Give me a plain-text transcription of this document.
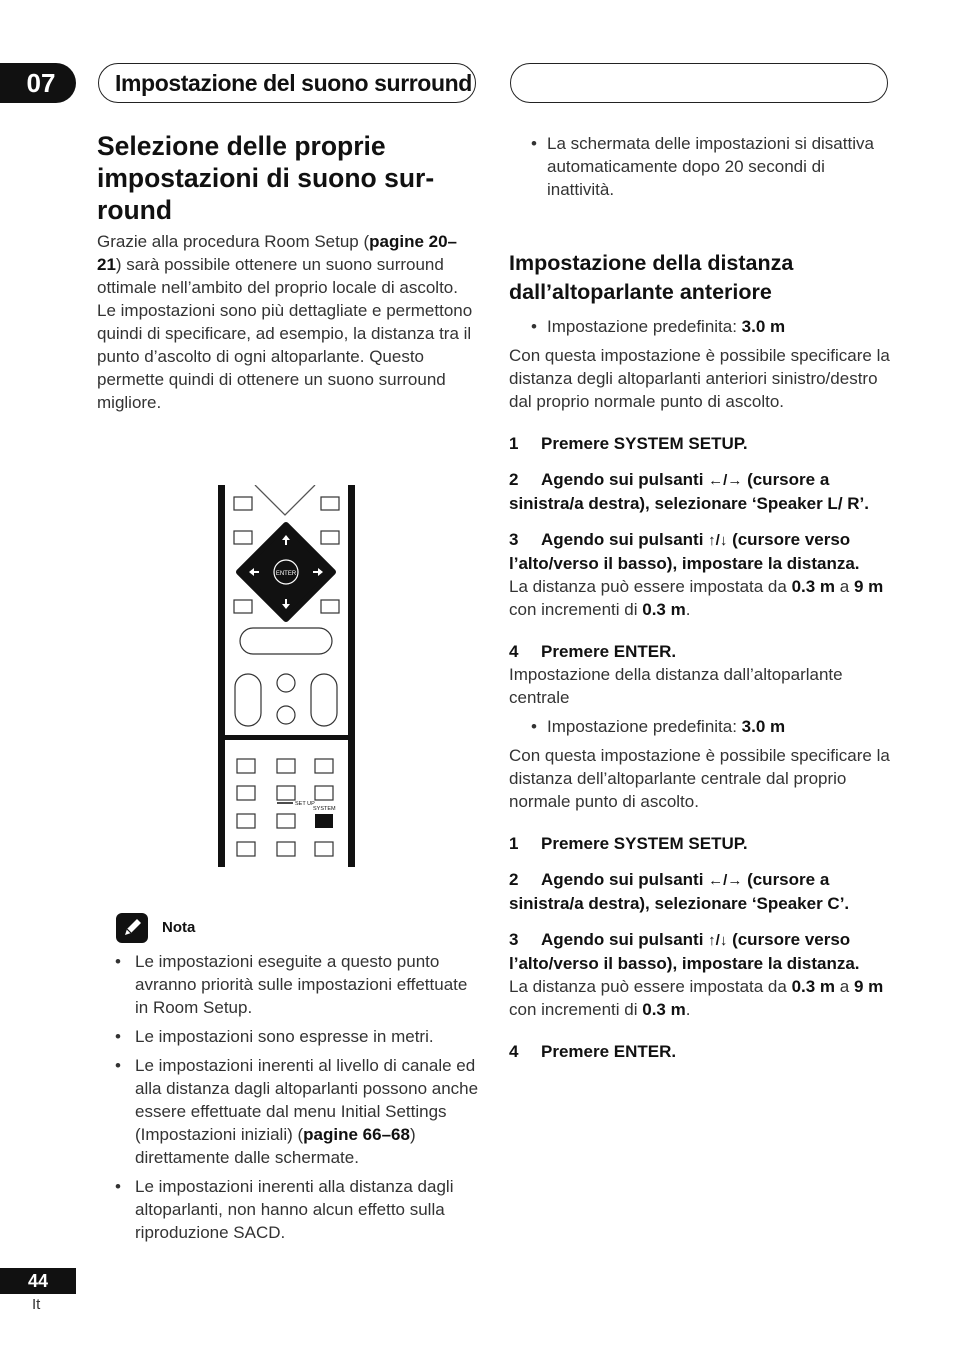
07	Impostazione del suono surround
Selezione delle proprie impostazioni di suono sur-round

Grazie alla procedura Room Setup (pagine 20–21) sarà possibile ottenere un suono surround ottimale nell’ambito del proprio locale di ascolto. Le impostazioni sono più dettagliate e permettono quindi di specificare, ad esempio, la distanza tra il punto d’ascolto di ogni altoparlante. Questo permette quindi di ottenere un suono surround migliore.

ENTER
SET UP
SYSTEM
Nota
• Le impostazioni eseguite a questo punto avranno priorità sulle impostazioni effettuate in Room Setup.
• Le impostazioni sono espresse in metri.
• Le impostazioni inerenti al livello di canale ed alla distanza dagli altoparlanti possono anche essere effettuate dal menu Initial Settings (Impostazioni iniziali) (pagine 66–68) direttamente dalle schermate.
• Le impostazioni inerenti alla distanza dagli altoparlanti, non hanno alcun effetto sulla riproduzione SACD.
• La schermata delle impostazioni si disattiva automaticamente dopo 20 secondi di inattività.
Impostazione della distanza dall’altoparlante anteriore
• Impostazione predefinita: 3.0 m

Con questa impostazione è possibile specificare la distanza degli altoparlanti anteriori sinistro/destro dal proprio normale punto di ascolto.

1 Premere SYSTEM SETUP.

2 Agendo sui pulsanti ←/→ (cursore a sinistra/a destra), selezionare ‘Speaker L/ R’.

3 Agendo sui pulsanti ↑/↓ (cursore verso l’alto/verso il basso), impostare la distanza.

La distanza può essere impostata da 0.3 m a 9 m con incrementi di 0.3 m.

4 Premere ENTER.

Impostazione della distanza dall’altoparlante centrale

• Impostazione predefinita: 3.0 m

Con questa impostazione è possibile specificare la distanza dell’altoparlante centrale dal proprio normale punto di ascolto.

1 Premere SYSTEM SETUP.

2 Agendo sui pulsanti ←/→ (cursore a sinistra/a destra), selezionare ‘Speaker C’.

3 Agendo sui pulsanti ↑/↓ (cursore verso l’alto/verso il basso), impostare la distanza.

La distanza può essere impostata da 0.3 m a 9 m con incrementi di 0.3 m.

4 Premere ENTER.

44
It
